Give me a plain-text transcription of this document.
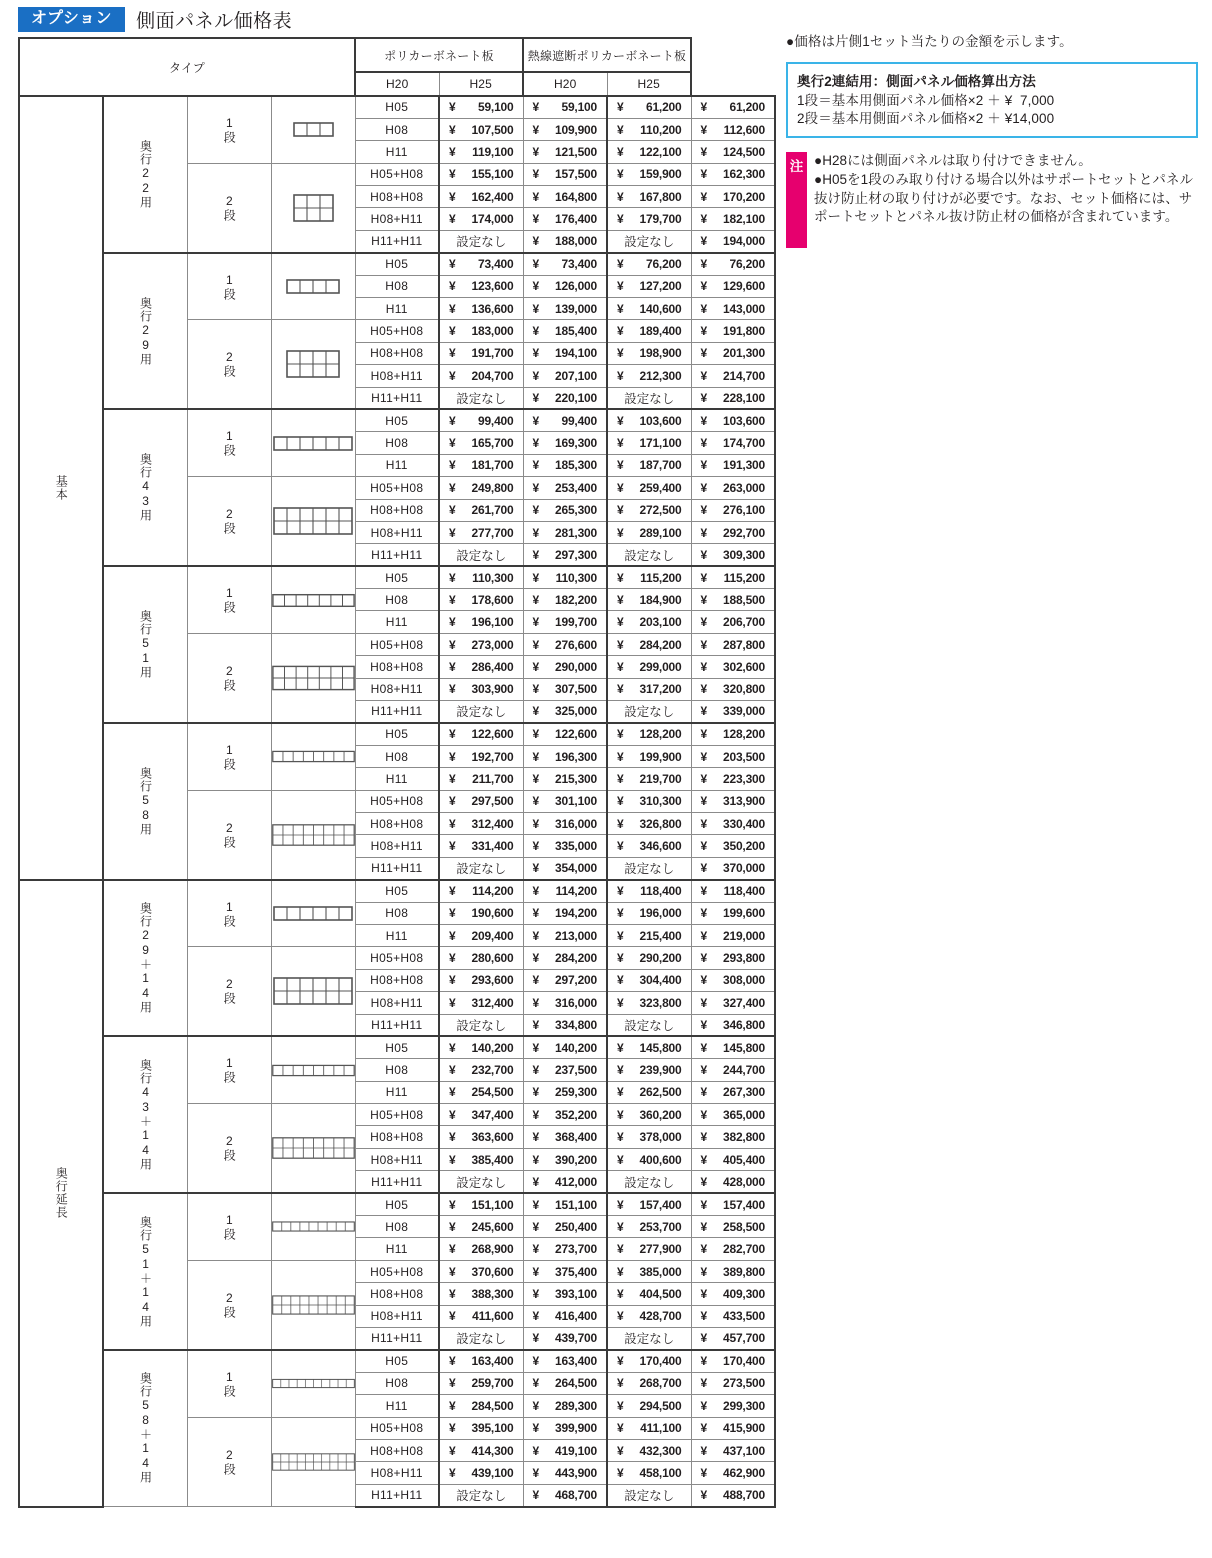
オプション	側面パネル価格表
タイプ				ポリカーボネート板		熱線遮断ポリカーボネート板		
				H20	H25	H20	H25	
基本	奥行22用	1段		H05	¥ 59,100	¥ 59,100	¥ 61,200	¥ 61,200

				H08	¥ 107,500	¥ 109,900	¥ 110,200	¥ 112,600

				H11	¥ 119,100	¥ 121,500	¥ 122,100	¥ 124,500

		2段		H05+H08	¥ 155,100	¥ 157,500	¥ 159,900	¥ 162,300

				H08+H08	¥ 162,400	¥ 164,800	¥ 167,800	¥ 170,200

				H08+H11	¥ 174,000	¥ 176,400	¥ 179,700	¥ 182,100

				H11+H11	設定なし	¥ 188,000	設定なし	¥ 194,000

	奥行29用	1段		H05	¥ 73,400	¥ 73,400	¥ 76,200	¥ 76,200

				H08	¥ 123,600	¥ 126,000	¥ 127,200	¥ 129,600

				H11	¥ 136,600	¥ 139,000	¥ 140,600	¥ 143,000

		2段		H05+H08	¥ 183,000	¥ 185,400	¥ 189,400	¥ 191,800

				H08+H08	¥ 191,700	¥ 194,100	¥ 198,900	¥ 201,300

				H08+H11	¥ 204,700	¥ 207,100	¥ 212,300	¥ 214,700

				H11+H11	設定なし	¥ 220,100	設定なし	¥ 228,100

	奥行43用	1段		H05	¥ 99,400	¥ 99,400	¥ 103,600	¥ 103,600

				H08	¥ 165,700	¥ 169,300	¥ 171,100	¥ 174,700

				H11	¥ 181,700	¥ 185,300	¥ 187,700	¥ 191,300

		2段		H05+H08	¥ 249,800	¥ 253,400	¥ 259,400	¥ 263,000

				H08+H08	¥ 261,700	¥ 265,300	¥ 272,500	¥ 276,100

				H08+H11	¥ 277,700	¥ 281,300	¥ 289,100	¥ 292,700

				H11+H11	設定なし	¥ 297,300	設定なし	¥ 309,300

	奥行51用	1段		H05	¥ 110,300	¥ 110,300	¥ 115,200	¥ 115,200

				H08	¥ 178,600	¥ 182,200	¥ 184,900	¥ 188,500

				H11	¥ 196,100	¥ 199,700	¥ 203,100	¥ 206,700

		2段		H05+H08	¥ 273,000	¥ 276,600	¥ 284,200	¥ 287,800

				H08+H08	¥ 286,400	¥ 290,000	¥ 299,000	¥ 302,600

				H08+H11	¥ 303,900	¥ 307,500	¥ 317,200	¥ 320,800

				H11+H11	設定なし	¥ 325,000	設定なし	¥ 339,000

	奥行58用	1段		H05	¥ 122,600	¥ 122,600	¥ 128,200	¥ 128,200

				H08	¥ 192,700	¥ 196,300	¥ 199,900	¥ 203,500

				H11	¥ 211,700	¥ 215,300	¥ 219,700	¥ 223,300

		2段		H05+H08	¥ 297,500	¥ 301,100	¥ 310,300	¥ 313,900

				H08+H08	¥ 312,400	¥ 316,000	¥ 326,800	¥ 330,400

				H08+H11	¥ 331,400	¥ 335,000	¥ 346,600	¥ 350,200

				H11+H11	設定なし	¥ 354,000	設定なし	¥ 370,000

奥行延長	奥行29＋14用	1段		H05	¥ 114,200	¥ 114,200	¥ 118,400	¥ 118,400

				H08	¥ 190,600	¥ 194,200	¥ 196,000	¥ 199,600

				H11	¥ 209,400	¥ 213,000	¥ 215,400	¥ 219,000

		2段		H05+H08	¥ 280,600	¥ 284,200	¥ 290,200	¥ 293,800

				H08+H08	¥ 293,600	¥ 297,200	¥ 304,400	¥ 308,000

				H08+H11	¥ 312,400	¥ 316,000	¥ 323,800	¥ 327,400

				H11+H11	設定なし	¥ 334,800	設定なし	¥ 346,800

	奥行43＋14用	1段		H05	¥ 140,200	¥ 140,200	¥ 145,800	¥ 145,800

				H08	¥ 232,700	¥ 237,500	¥ 239,900	¥ 244,700

				H11	¥ 254,500	¥ 259,300	¥ 262,500	¥ 267,300

		2段		H05+H08	¥ 347,400	¥ 352,200	¥ 360,200	¥ 365,000

				H08+H08	¥ 363,600	¥ 368,400	¥ 378,000	¥ 382,800

				H08+H11	¥ 385,400	¥ 390,200	¥ 400,600	¥ 405,400

				H11+H11	設定なし	¥ 412,000	設定なし	¥ 428,000

	奥行51＋14用	1段		H05	¥ 151,100	¥ 151,100	¥ 157,400	¥ 157,400

				H08	¥ 245,600	¥ 250,400	¥ 253,700	¥ 258,500

				H11	¥ 268,900	¥ 273,700	¥ 277,900	¥ 282,700

		2段		H05+H08	¥ 370,600	¥ 375,400	¥ 385,000	¥ 389,800

				H08+H08	¥ 388,300	¥ 393,100	¥ 404,500	¥ 409,300

				H08+H11	¥ 411,600	¥ 416,400	¥ 428,700	¥ 433,500

				H11+H11	設定なし	¥ 439,700	設定なし	¥ 457,700

	奥行58＋14用	1段		H05	¥ 163,400	¥ 163,400	¥ 170,400	¥ 170,400

				H08	¥ 259,700	¥ 264,500	¥ 268,700	¥ 273,500

				H11	¥ 284,500	¥ 289,300	¥ 294,500	¥ 299,300

		2段		H05+H08	¥ 395,100	¥ 399,900	¥ 411,100	¥ 415,900

				H08+H08	¥ 414,300	¥ 419,100	¥ 432,300	¥ 437,100

				H08+H11	¥ 439,100	¥ 443,900	¥ 458,100	¥ 462,900

				H11+H11	設定なし	¥ 468,700	設定なし	¥ 488,700
●価格は片側1セット当たりの金額を示します。
奥行2連結用：側面パネル価格算出方法
1段＝基本用側面パネル価格×2 ＋ ¥  7,000
2段＝基本用側面パネル価格×2 ＋ ¥14,000
注 ●H28には側面パネルは取り付けできません。
●H05を1段のみ取り付ける場合以外はサポートセットとパネル抜け防止材の取り付けが必要です。なお、セット価格には、サポートセットとパネル抜け防止材の価格が含まれています。
